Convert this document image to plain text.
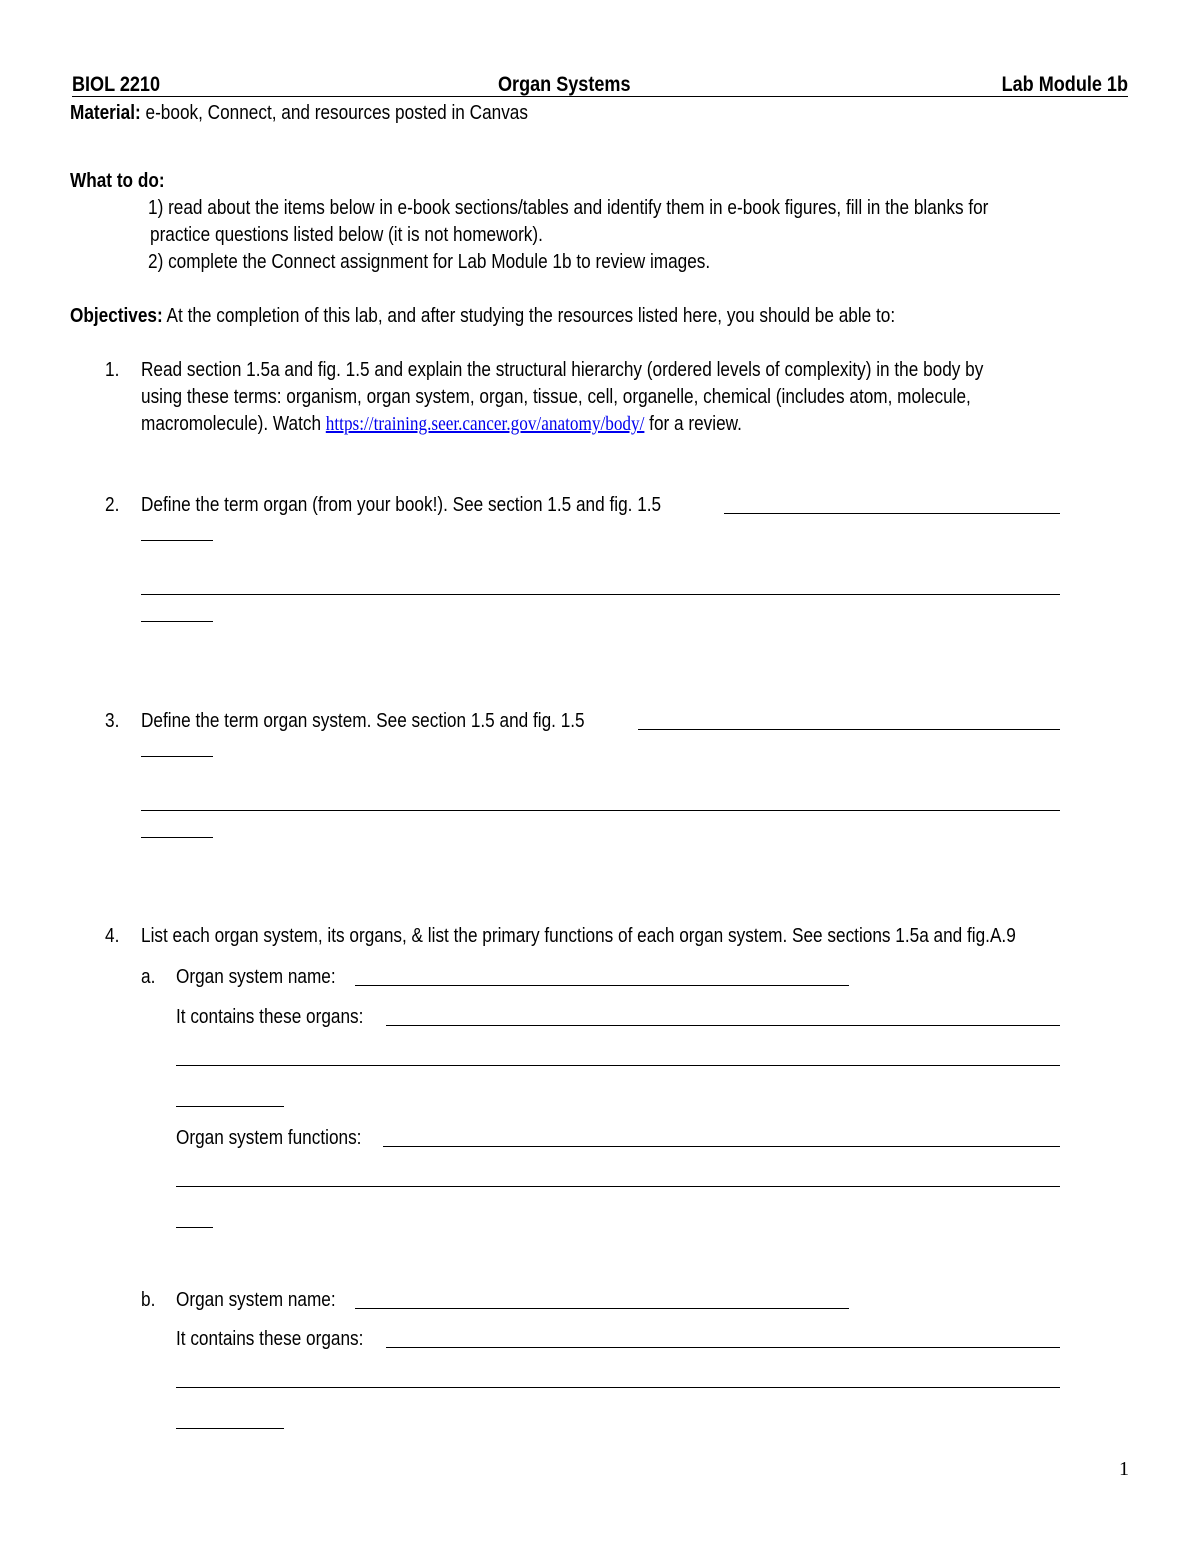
BIOL 2210	Organ Systems	Lab Module 1b
Material: e-book, Connect, and resources posted in Canvas
What to do:
1) read about the items below in e-book sections/tables and identify them in e-book figures, fill in the blanks for
practice questions listed below (it is not homework).
2) complete the Connect assignment for Lab Module 1b to review images.
Objectives: At the completion of this lab, and after studying the resources listed here, you should be able to:
1. Read section 1.5a and fig. 1.5 and explain the structural hierarchy (ordered levels of complexity) in the body by
using these terms: organism, organ system, organ, tissue, cell, organelle, chemical (includes atom, molecule,
macromolecule). Watch https://training.seer.cancer.gov/anatomy/body/ for a review.
2. Define the term organ (from your book!). See section 1.5 and fig. 1.5
3. Define the term organ system. See section 1.5 and fig. 1.5
4. List each organ system, its organs, & list the primary functions of each organ system. See sections 1.5a and fig.A.9
a. Organ system name:
It contains these organs:
Organ system functions:
b. Organ system name:
It contains these organs:
1
